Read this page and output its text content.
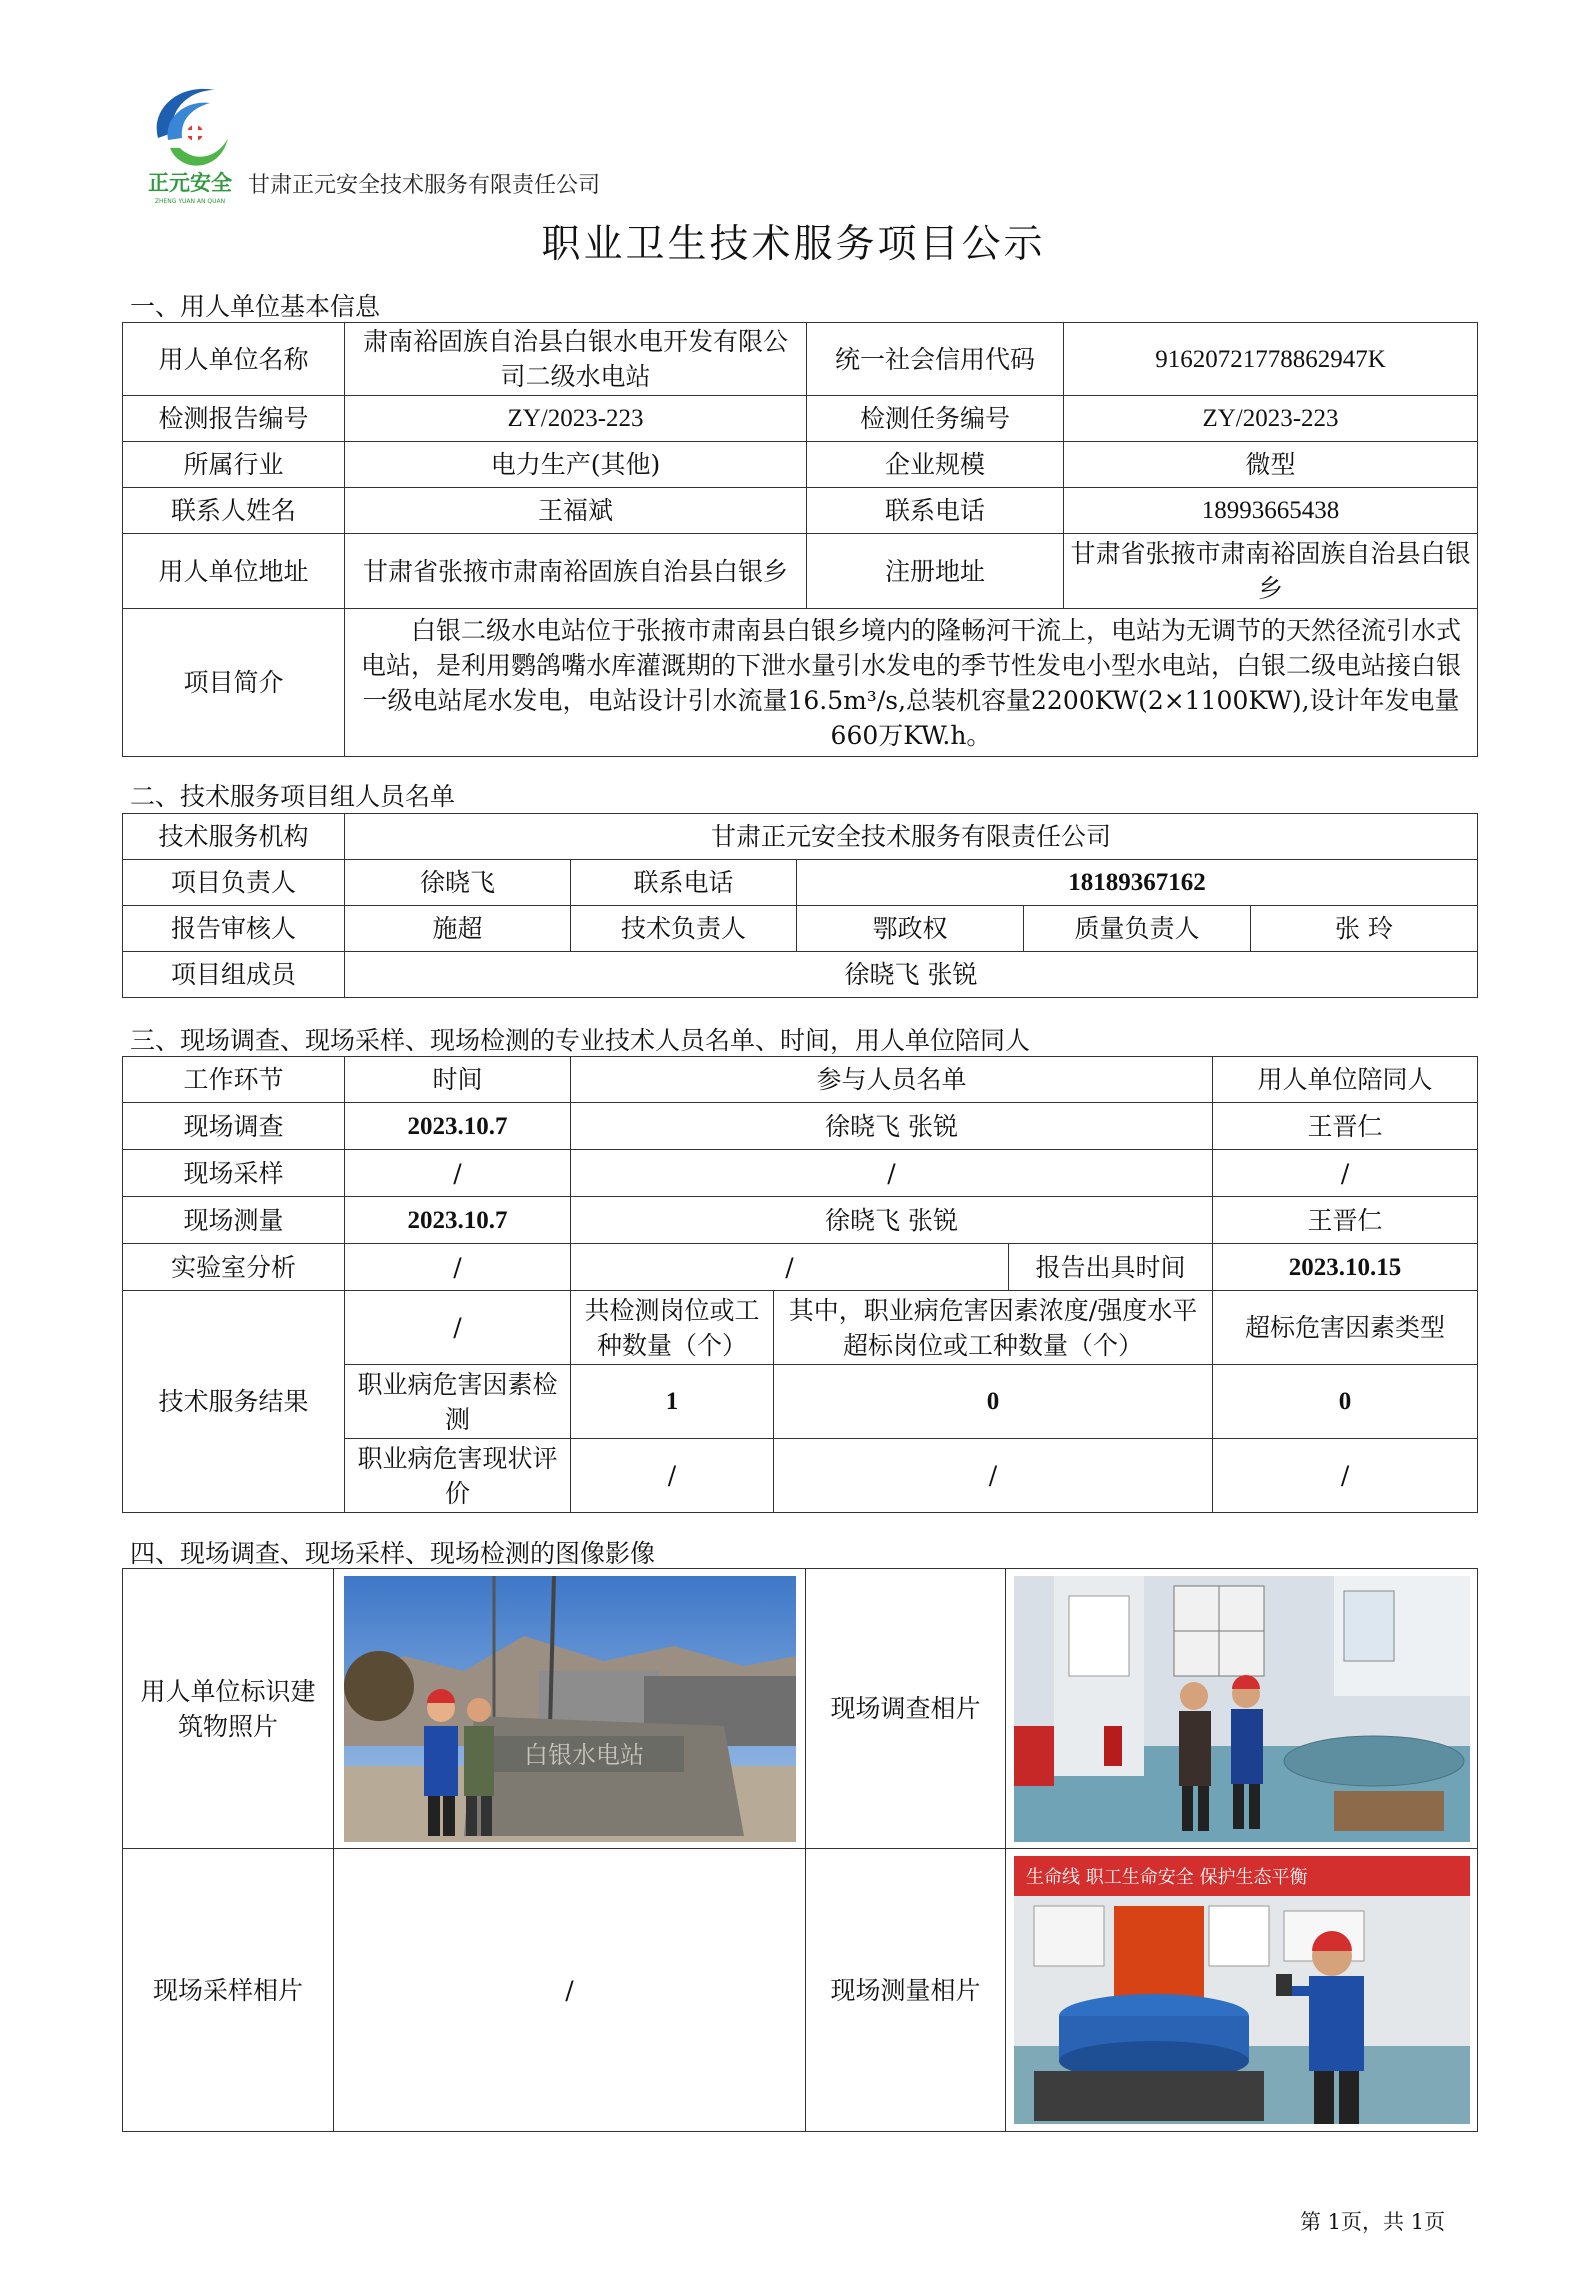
正元安全
ZHENG YUAN AN QUAN
甘肃正元安全技术服务有限责任公司
职业卫生技术服务项目公示
一、用人单位基本信息
用人单位名称	肃南裕固族自治县白银水电开发有限公司二级水电站	统一社会信用代码	91620721778862947K
检测报告编号	ZY/2023-223	检测任务编号	ZY/2023-223
所属行业	电力生产(其他)	企业规模	微型
联系人姓名	王福斌	联系电话	18993665438
用人单位地址	甘肃省张掖市肃南裕固族自治县白银乡	注册地址	甘肃省张掖市肃南裕固族自治县白银乡
项目简介	白银二级水电站位于张掖市肃南县白银乡境内的隆畅河干流上，电站为无调节的天然径流引水式电站，是利用鹦鸽嘴水库灌溉期的下泄水量引水发电的季节性发电小型水电站，白银二级电站接白银一级电站尾水发电，电站设计引水流量16.5m³/s,总装机容量2200KW(2×1100KW),设计年发电量660万KW.h。		
二、技术服务项目组人员名单
技术服务机构	甘肃正元安全技术服务有限责任公司				
项目负责人	徐晓飞	联系电话	18189367162		
报告审核人	施超	技术负责人	鄂政权	质量负责人	张 玲
项目组成员	徐晓飞 张锐				
三、现场调查、现场采样、现场检测的专业技术人员名单、时间，用人单位陪同人
工作环节	时间	参与人员名单			用人单位陪同人
现场调查	2023.10.7	徐晓飞 张锐			王晋仁
现场采样	/	/			/
现场测量	2023.10.7	徐晓飞 张锐			王晋仁
实验室分析	/	/		报告出具时间	2023.10.15
技术服务结果	/	共检测岗位或工种数量（个）	其中，职业病危害因素浓度/强度水平超标岗位或工种数量（个）		超标危害因素类型
	职业病危害因素检测	1	0		0
	职业病危害现状评价	/	/		/
四、现场调查、现场采样、现场检测的图像影像
用人单位标识建筑物照片	白银水电站	现场调查相片	

现场采样相片	/	现场测量相片	生命线 职工生命安全 保护生态平衡
第 1页，共 1页
